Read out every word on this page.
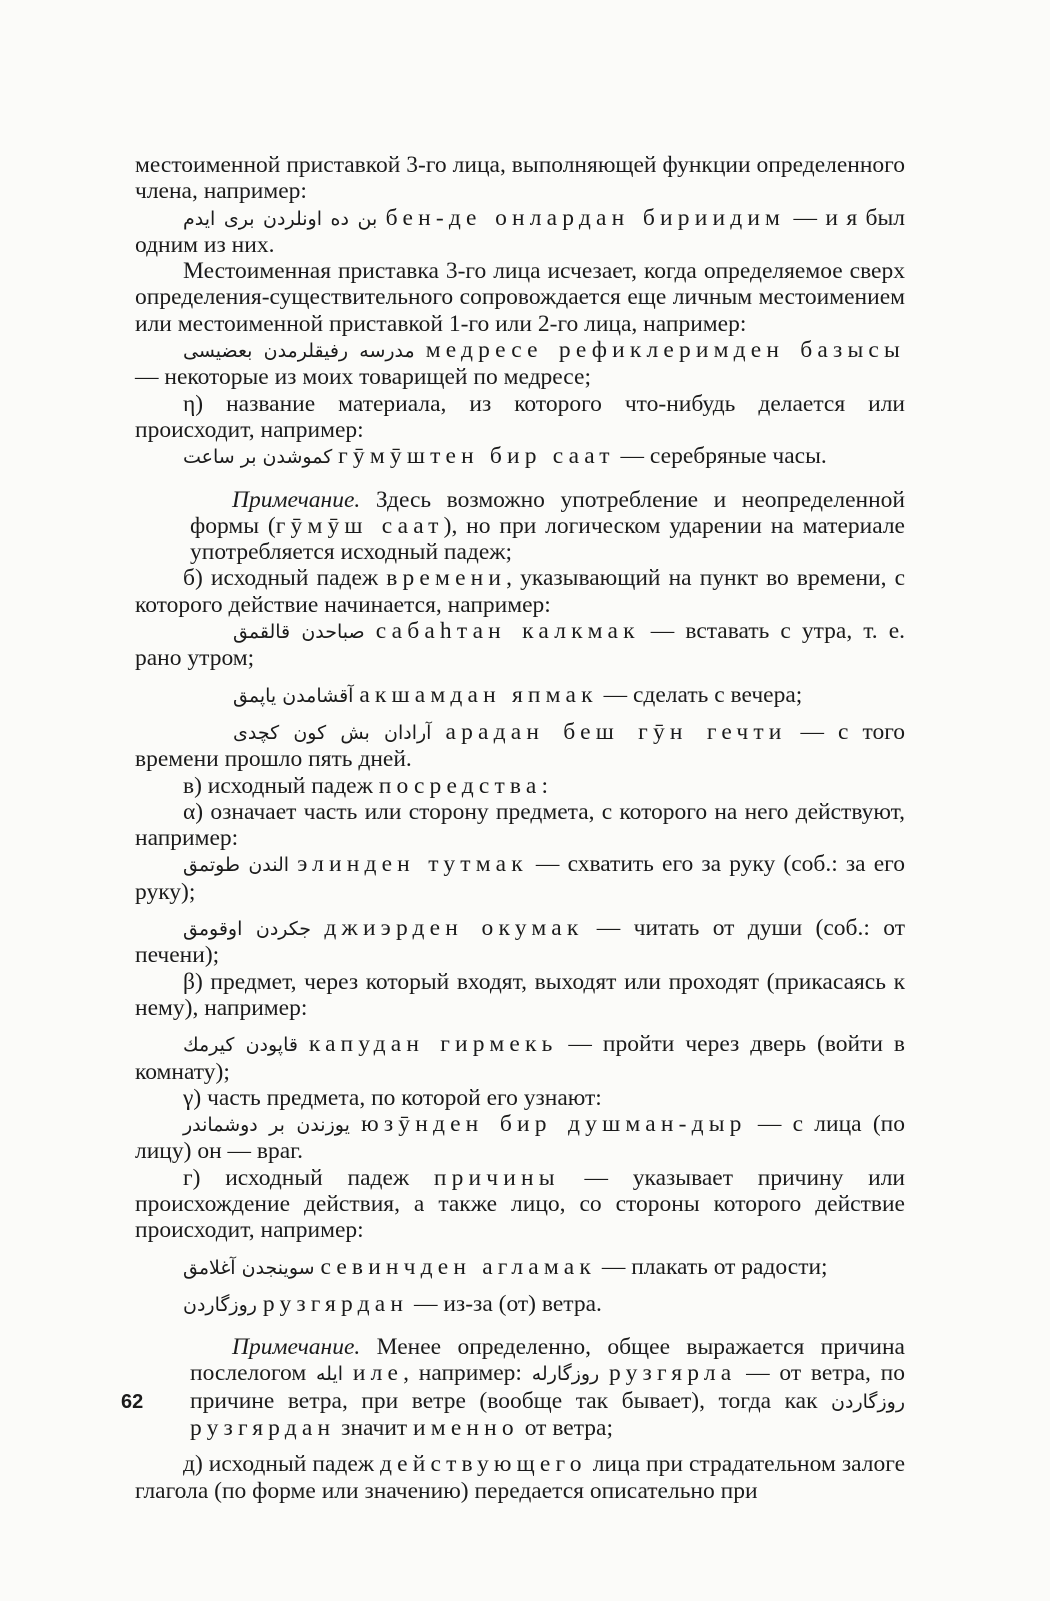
местоименной приставкой 3-го лица, выполняющей функции определенного члена, например:

بن ده اونلردن بری ایدم бен-де онлардан бириидим — и я был одним из них.

Местоименная приставка 3-го лица исчезает, когда определяемое сверх определения-существительного сопровождается еще личным местоимением или местоименной приставкой 1-го или 2-го лица, например:

مدرسه رفیقلرمدن بعضیسی медресе рефиклеримден базысы — некоторые из моих товарищей по медресе;

η) название материала, из которого что-нибудь делается или происходит, например:

کموشدن بر ساعت гӯмӯштен бир саат — серебряные часы.

Примечание. Здесь возможно употребление и неопределенной формы (гӯмӯш саат), но при логическом ударении на материале употребляется исходный падеж;

б) исходный падеж времени, указывающий на пункт во времени, с которого действие начинается, например:

صباحدن قالقمق сабаһтан калкмак — вставать с утра, т. е. рано утром;

آقشامدن یاپمق акшамдан япмак — сделать с вечера;

آرادان بش کون کچدی арадан беш гӯн гечти — с того времени прошло пять дней.

в) исходный падеж посредства:

α) означает часть или сторону предмета, с которого на него действуют, например:

الندن طوتمق элинден тутмак — схватить его за руку (соб.: за его руку);

جکردن اوقومق джиэрден окумак — читать от души (соб.: от печени);

β) предмет, через который входят, выходят или проходят (прикасаясь к нему), например:

قاپودن کیرمك капудан гирмекь — пройти через дверь (войти в комнату);

γ) часть предмета, по которой его узнают:

یوزندن بر دوشماندر юзӯнден бир душман-дыр — с лица (по лицу) он — враг.

г) исходный падеж причины — указывает причину или происхождение действия, а также лицо, со стороны которого действие происходит, например:

سوینجدن آغلامق севинчден аглaмак — плакать от радости;

روزگاردن рузгярдан — из-за (от) ветра.

Примечание. Менее определенно, общее выражается причина послелогом ایله иле, например: روزگارله рузгярла — от ветра, по причине ветра, при ветре (вообще так бывает), тогда как روزگاردن рузгярдан значит именно от ветра;

д) исходный падеж действующего лица при страдательном залоге глагола (по форме или значению) передается описательно при

62
